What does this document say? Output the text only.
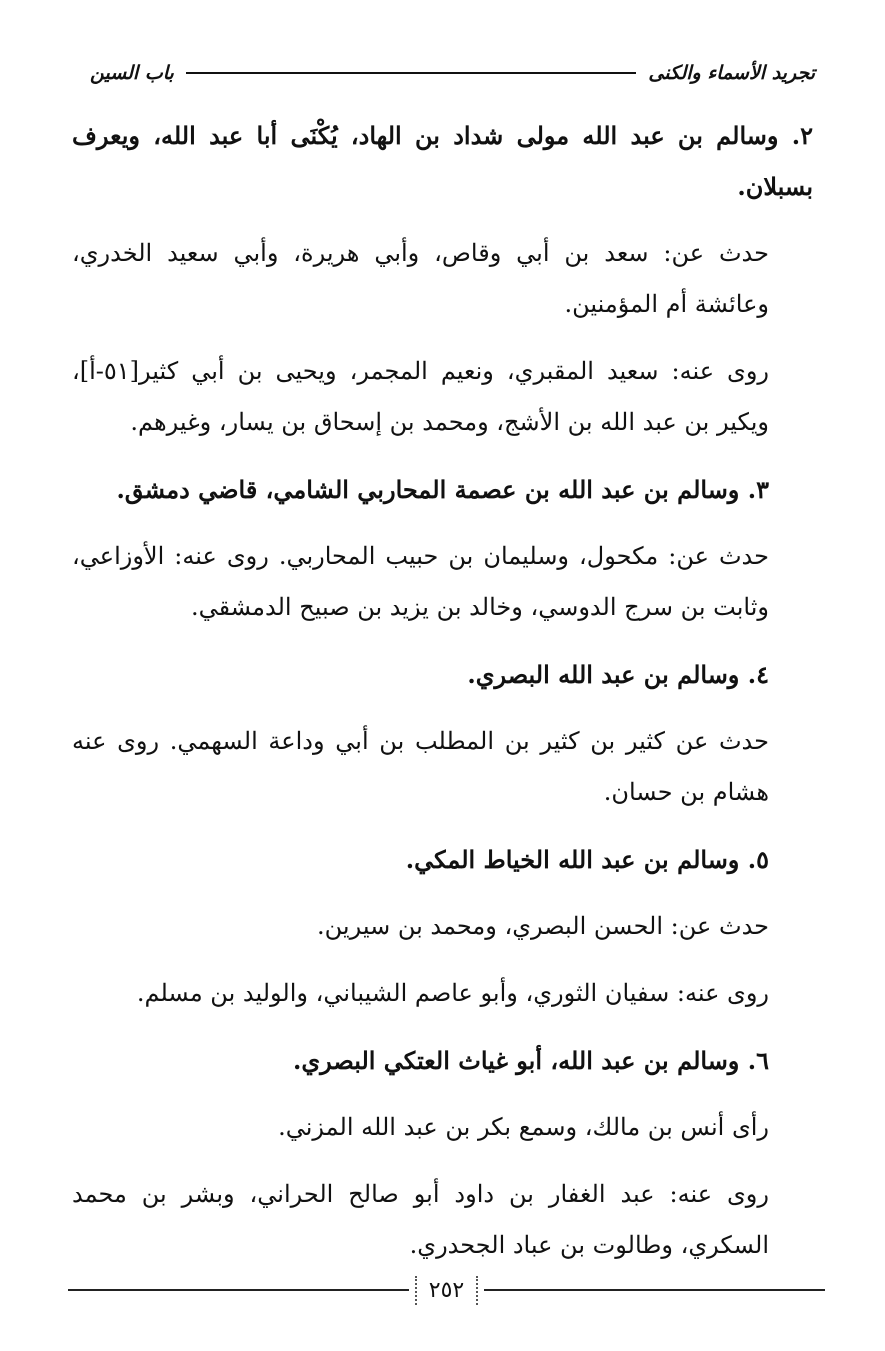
تجريد الأسماء والكنى
باب السين
٢. وسالم بن عبد الله مولى شداد بن الهاد، يُكْنَى أبا عبد الله، ويعرف بسبلان.
حدث عن: سعد بن أبي وقاص، وأبي هريرة، وأبي سعيد الخدري، وعائشة أم المؤمنين.
روى عنه: سعيد المقبري، ونعيم المجمر، ويحيى بن أبي كثير[٥١-أ]، ويكير بن عبد الله بن الأشج، ومحمد بن إسحاق بن يسار، وغيرهم.
٣. وسالم بن عبد الله بن عصمة المحاربي الشامي، قاضي دمشق.
حدث عن: مكحول، وسليمان بن حبيب المحاربي. روى عنه: الأوزاعي، وثابت بن سرج الدوسي، وخالد بن يزيد بن صبيح الدمشقي.
٤. وسالم بن عبد الله البصري.
حدث عن كثير بن كثير بن المطلب بن أبي وداعة السهمي. روى عنه هشام بن حسان.
٥. وسالم بن عبد الله الخياط المكي.
حدث عن: الحسن البصري، ومحمد بن سيرين.
روى عنه: سفيان الثوري، وأبو عاصم الشيباني، والوليد بن مسلم.
٦. وسالم بن عبد الله، أبو غياث العتكي البصري.
رأى أنس بن مالك، وسمع بكر بن عبد الله المزني.
روى عنه: عبد الغفار بن داود أبو صالح الحراني، وبشر بن محمد السكري، وطالوت بن عباد الجحدري.
٢٥٢
